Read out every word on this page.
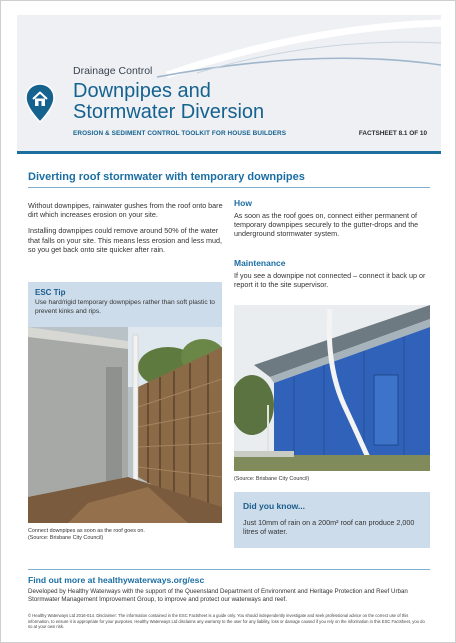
Drainage Control
Downpipes and
Stormwater Diversion
EROSION & SEDIMENT CONTROL TOOLKIT FOR HOUSE BUILDERS	FACTSHEET 8.1 OF 10
Diverting roof stormwater with temporary downpipes

Without downpipes, rainwater gushes from the roof onto bare dirt which increases erosion on your site.

Installing downpipes could remove around 50% of the water that falls on your site. This means less erosion and less mud, so you get back onto site quicker after rain.

ESC Tip

Use hard/rigid temporary downpipes rather than soft plastic to prevent kinks and rips.

Connect downpipes as soon as the roof goes on.
(Source: Brisbane City Council)
How

As soon as the roof goes on, connect either permanent of temporary downpipes securely to the gutter-drops and the underground stormwater system.

Maintenance

If you see a downpipe not connected – connect it back up or report it to the site supervisor.

(Source: Brisbane City Council)
Did you know...

Just 10mm of rain on a 200m² roof can produce 2,000 litres of water.

Find out more at healthywaterways.org/esc

Developed by Healthy Waterways with the support of the Queensland Department of Environment and Heritage Protection and Reef Urban Stormwater Management Improvement Group, to improve and protect our waterways and reef.

© Healthy Waterways Ltd 2016-014. Disclaimer: The information contained in the ESC Factsheet is a guide only. You should independently investigate and seek professional advice on the correct use of this information, to ensure it is appropriate for your purposes. Healthy Waterways Ltd disclaims any warranty to the user for any liability, loss or damage caused if you rely on the information in this ESC Factsheet, you do so at your own risk.
